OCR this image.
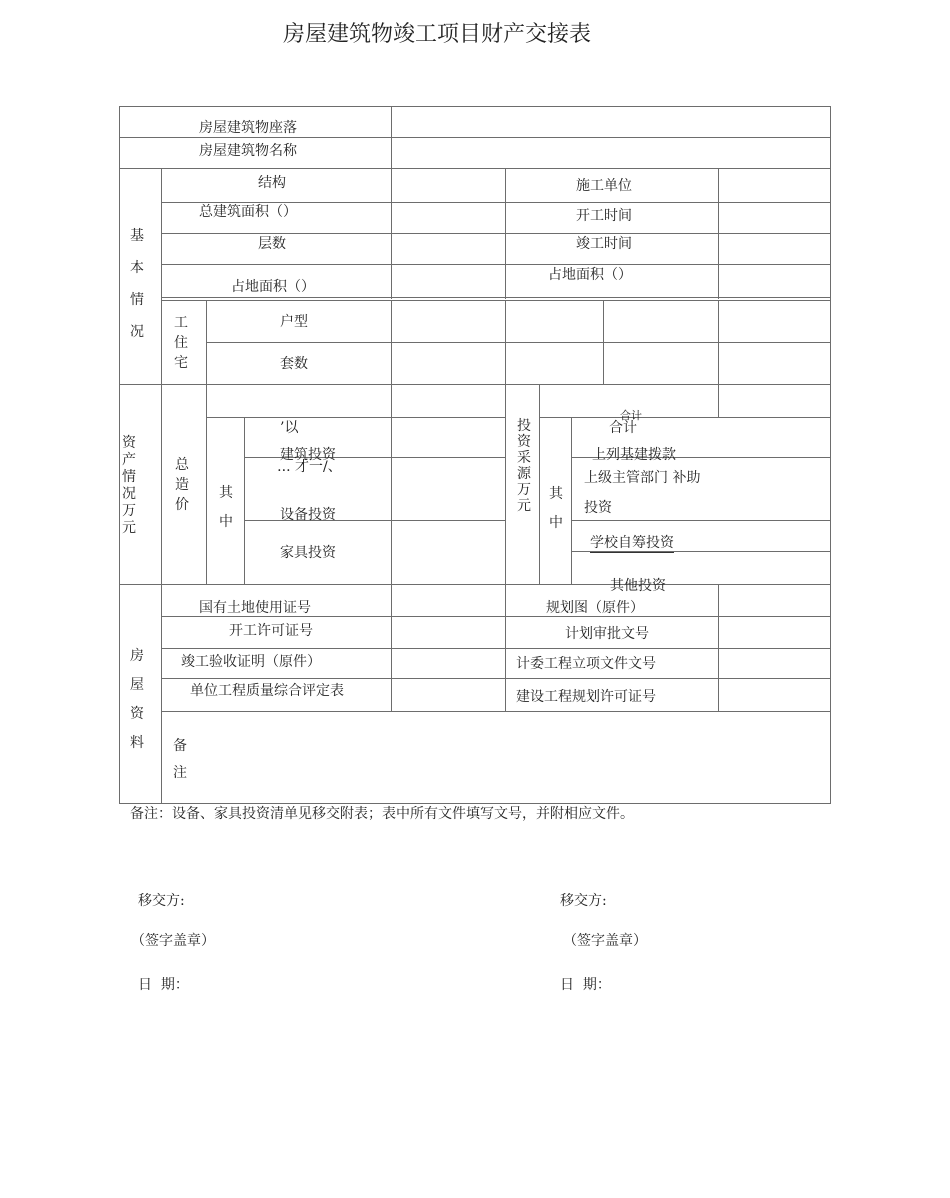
房屋建筑物竣工项目财产交接表
房屋建筑物座落
房屋建筑物名称
基本情况
结构
总建筑面积（）
层数
占地面积（）
施工单位
开工时间
竣工时间
占地面积（）
工住宅
户型
套数
资产情况万元
总造价
其中
’以
建筑投资
․.. 才一/、
设备投资
家具投资
投资采源万元
其中
合计
合计
上列基建拨款
上级主管部门 补助
投资
学校自筹投资
其他投资
房屋资料
国有土地使用证号
开工许可证号
竣工验收证明（原件）
单位工程质量综合评定表
规划图（原件）
计划审批文号
计委工程立项文件文号
建设工程规划许可证号
备注
备注：设备、家具投资清单见移交附表；表中所有文件填写文号，并附相应文件。
移交方:
（签字盖章）
日  期：
移交方:
（签字盖章）
日  期：
